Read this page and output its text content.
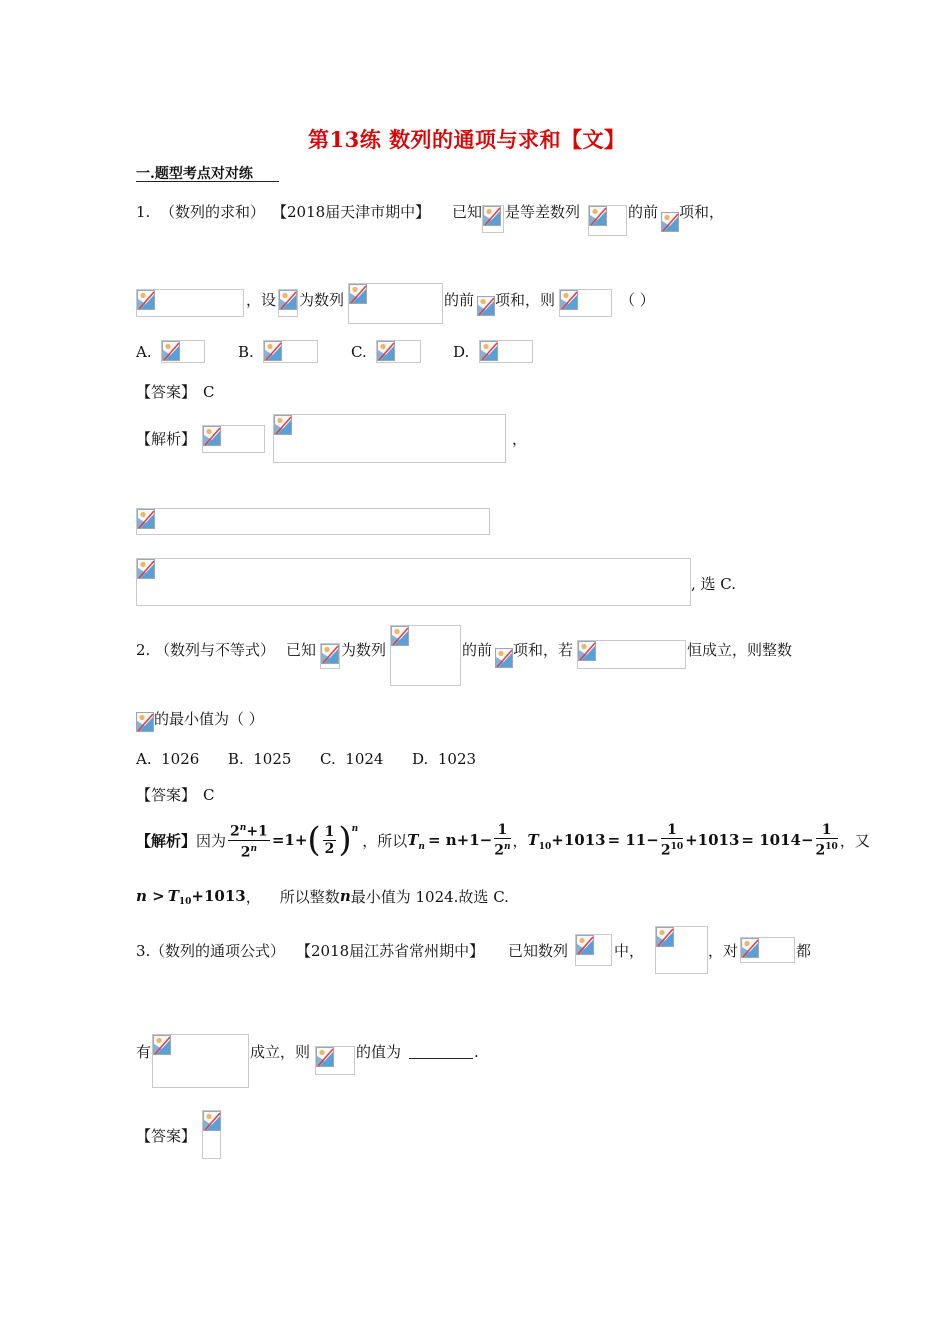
第13练 数列的通项与求和【文】
一.题型考点对对练
1. （数列的求和） 【2018届天津市期中】 已知 是等差数列	的前 项和，
，设 为数列	的前 项和，则	（ ）
A.	B.	C.	D.
【答案】 C
【解析】	，
, 选 C.
2. （数列与不等式） 已知 为数列	的前 项和，若	恒成立，则整数
的最小值为（ ）
A.  1026      B.  1025      C.  1024      D.  1023
【答案】 C
【解析】 因为 $\frac{2^n+1}{2^n} =1+$ ( $\frac{1}{2} )^n$
，所以 $T_n = n+1- \frac{1}{2^n}$ ， $T_{10} +1013 = 11- \frac{1}{2^{10}} +1013 = 1014- \frac{1}{2^{10}}$ ，又
$n > T_{10} +1013$ ，    所以整数 n 最小值为 1024.故选 C.
3. （数列的通项公式） 【2018届江苏省常州期中】 已知数列	中，	，对	都
有	成立，则	的值为	.
【答案】
